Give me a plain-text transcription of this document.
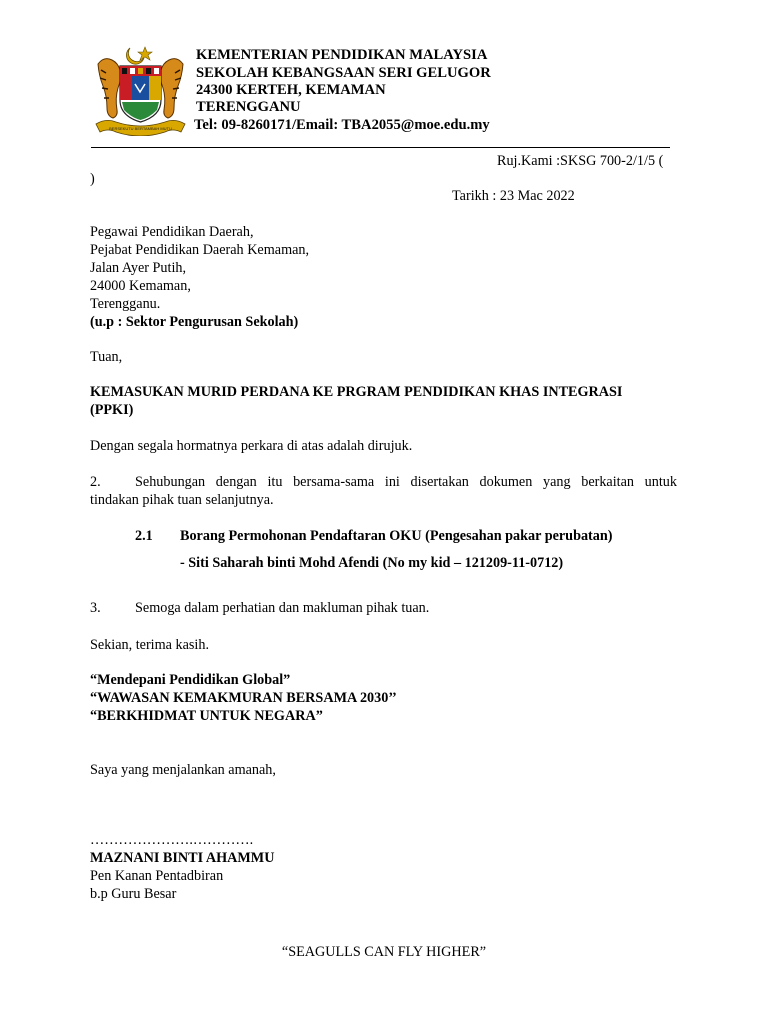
BERSEKUTU BERTAMBAH MUTU
KEMENTERIAN PENDIDIKAN MALAYSIA
SEKOLAH KEBANGSAAN SERI GELUGOR
24300 KERTEH, KEMAMAN
TERENGGANU
Tel: 09-8260171/Email: TBA2055@moe.edu.my
Ruj.Kami :SKSG 700-2/1/5 (
)
Tarikh : 23 Mac 2022
Pegawai Pendidikan Daerah,
Pejabat Pendidikan Daerah Kemaman,
Jalan Ayer Putih,
24000 Kemaman,
Terengganu.
(u.p : Sektor Pengurusan Sekolah)
Tuan,
KEMASUKAN MURID PERDANA KE PRGRAM PENDIDIKAN KHAS INTEGRASI
(PPKI)
Dengan segala hormatnya perkara di atas adalah dirujuk.
2. Sehubungan dengan itu bersama-sama ini disertakan dokumen yang berkaitan untuk
tindakan pihak tuan selanjutnya.
2.1 Borang Permohonan Pendaftaran OKU (Pengesahan pakar perubatan)
- Siti Saharah binti Mohd Afendi (No my kid – 121209-11-0712)
3. Semoga dalam perhatian dan makluman pihak tuan.
Sekian, terima kasih.
“Mendepani Pendidikan Global”
“WAWASAN KEMAKMURAN BERSAMA 2030’’
“BERKHIDMAT UNTUK NEGARA”
Saya yang menjalankan amanah,
………………….………….
MAZNANI BINTI AHAMMU
Pen Kanan Pentadbiran
b.p Guru Besar
“SEAGULLS CAN FLY HIGHER”
